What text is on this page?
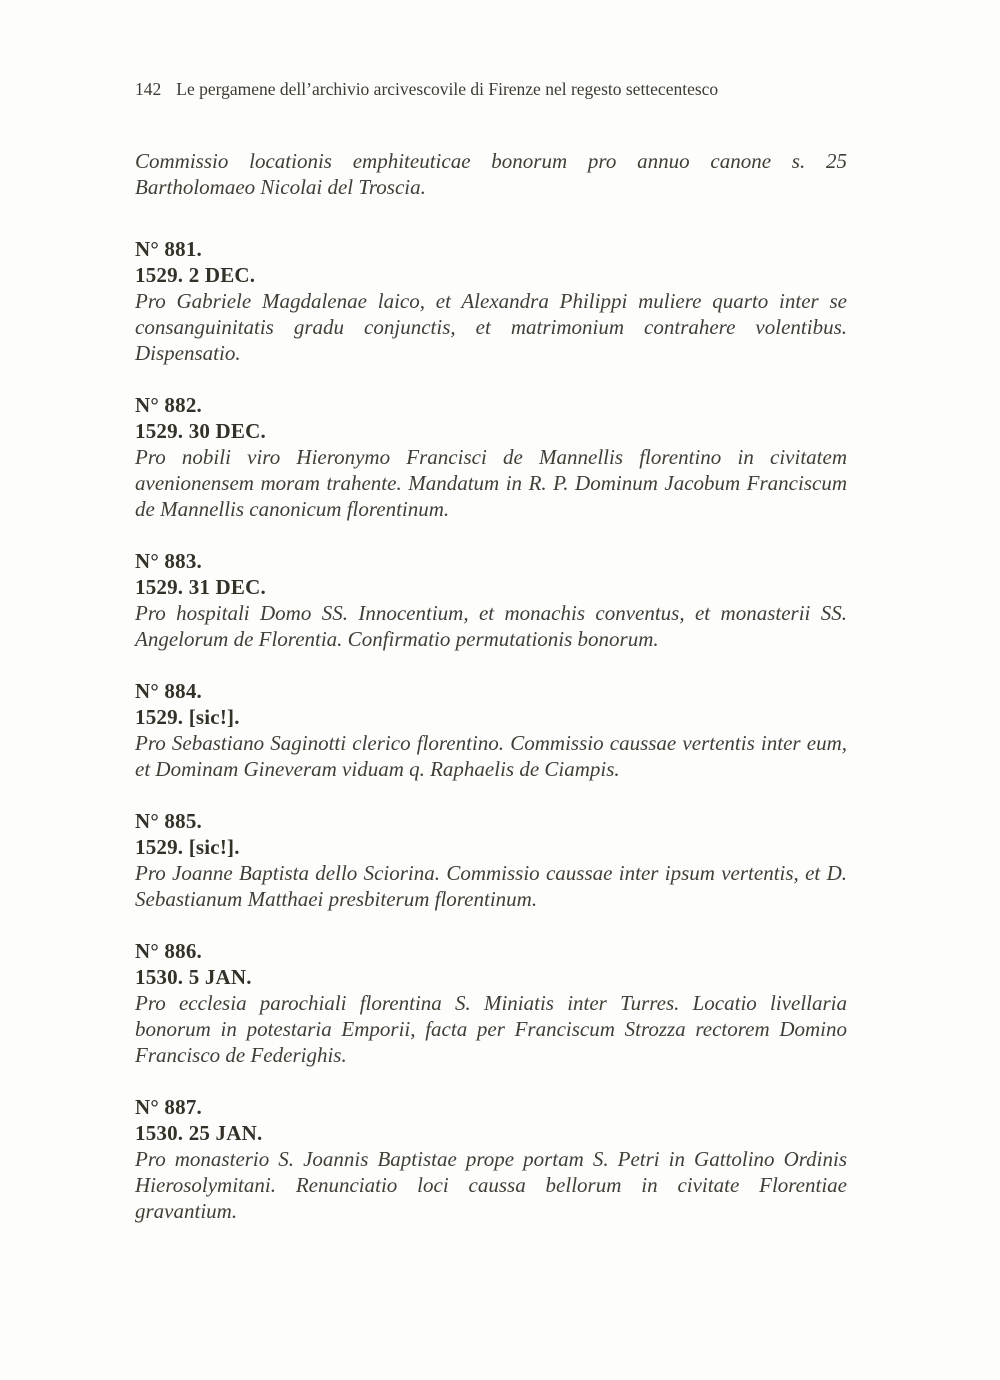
142 Le pergamene dell’archivio arcivescovile di Firenze nel regesto settecentesco

Commissio locationis emphiteuticae bonorum pro annuo canone s. 25 Bartholomaeo Nicolai del Troscia.

N° 881.
1529. 2 DEC.

Pro Gabriele Magdalenae laico, et Alexandra Philippi muliere quarto inter se consanguinitatis gradu conjunctis, et matrimonium contrahere volentibus. Dispensatio.

N° 882.
1529. 30 DEC.

Pro nobili viro Hieronymo Francisci de Mannellis florentino in civitatem avenionensem moram trahente. Mandatum in R. P. Dominum Jacobum Franciscum de Mannellis canonicum florentinum.

N° 883.
1529. 31 DEC.

Pro hospitali Domo SS. Innocentium, et monachis conventus, et monasterii SS. Angelorum de Florentia. Confirmatio permutationis bonorum.

N° 884.
1529. [sic!].

Pro Sebastiano Saginotti clerico florentino. Commissio caussae vertentis inter eum, et Dominam Gineveram viduam q. Raphaelis de Ciampis.

N° 885.
1529. [sic!].

Pro Joanne Baptista dello Sciorina. Commissio caussae inter ipsum vertentis, et D. Sebastianum Matthaei presbiterum florentinum.

N° 886.
1530. 5 JAN.

Pro ecclesia parochiali florentina S. Miniatis inter Turres. Locatio livellaria bonorum in potestaria Emporii, facta per Franciscum Strozza rectorem Domino Francisco de Federighis.

N° 887.
1530. 25 JAN.

Pro monasterio S. Joannis Baptistae prope portam S. Petri in Gattolino Ordinis Hierosolymitani. Renunciatio loci caussa bellorum in civitate Florentiae gravantium.
